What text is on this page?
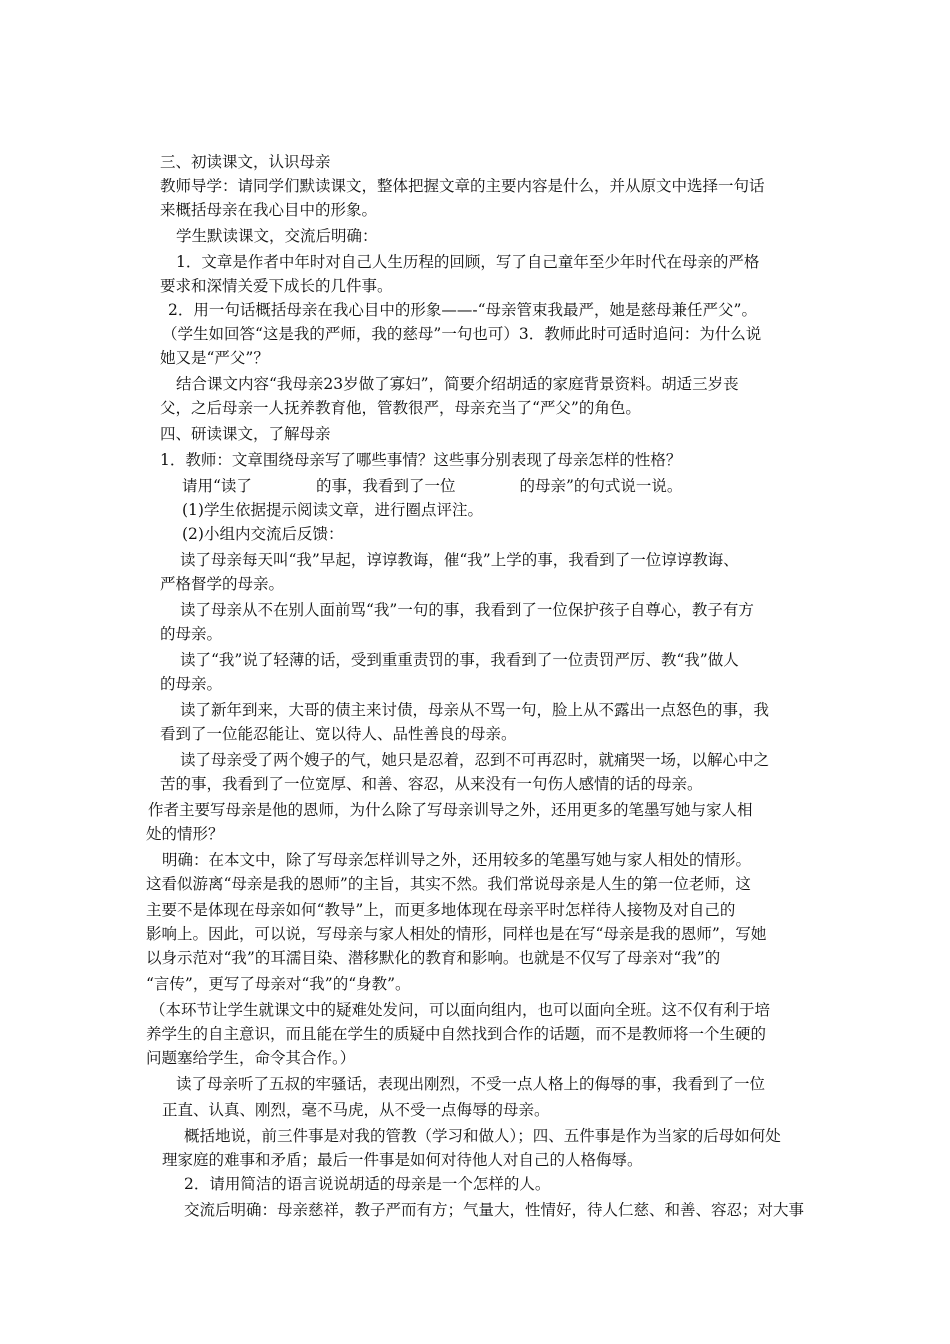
三、初读课文，认识母亲
教师导学：请同学们默读课文，整体把握文章的主要内容是什么，并从原文中选择一句话
来概括母亲在我心目中的形象。
学生默读课文，交流后明确：
1．文章是作者中年时对自己人生历程的回顾，写了自己童年至少年时代在母亲的严格
要求和深情关爱下成长的几件事。
2．用一句话概括母亲在我心目中的形象——-“母亲管束我最严，她是慈母兼任严父”。
（学生如回答“这是我的严师，我的慈母”一句也可）3．教师此时可适时追问：为什么说
她又是“严父”？
结合课文内容“我母亲23岁做了寡妇”，简要介绍胡适的家庭背景资料。胡适三岁丧
父，之后母亲一人抚养教育他，管教很严，母亲充当了“严父”的角色。
四、研读课文，了解母亲
1．教师：文章围绕母亲写了哪些事情？这些事分别表现了母亲怎样的性格？
请用“读了	的事，我看到了一位	的母亲”的句式说一说。
(1)学生依据提示阅读文章，进行圈点评注。
(2)小组内交流后反馈：
读了母亲每天叫“我”早起，谆谆教诲，催“我”上学的事，我看到了一位谆谆教诲、
严格督学的母亲。
读了母亲从不在别人面前骂“我”一句的事，我看到了一位保护孩子自尊心，教子有方
的母亲。
读了“我”说了轻薄的话，受到重重责罚的事，我看到了一位责罚严厉、教“我”做人
的母亲。
读了新年到来，大哥的债主来讨债，母亲从不骂一句，脸上从不露出一点怒色的事，我
看到了一位能忍能让、宽以待人、品性善良的母亲。
读了母亲受了两个嫂子的气，她只是忍着，忍到不可再忍时，就痛哭一场，以解心中之
苦的事，我看到了一位宽厚、和善、容忍，从来没有一句伤人感情的话的母亲。
作者主要写母亲是他的恩师，为什么除了写母亲训导之外，还用更多的笔墨写她与家人相
处的情形？
明确：在本文中，除了写母亲怎样训导之外，还用较多的笔墨写她与家人相处的情形。
这看似游离“母亲是我的恩师”的主旨，其实不然。我们常说母亲是人生的第一位老师，这
主要不是体现在母亲如何“教导”上，而更多地体现在母亲平时怎样待人接物及对自己的
影响上。因此，可以说，写母亲与家人相处的情形，同样也是在写“母亲是我的恩师”，写她
以身示范对“我”的耳濡目染、潜移默化的教育和影响。也就是不仅写了母亲对“我”的
“言传”，更写了母亲对“我”的“身教”。
（本环节让学生就课文中的疑难处发问，可以面向组内，也可以面向全班。这不仅有利于培
养学生的自主意识，而且能在学生的质疑中自然找到合作的话题，而不是教师将一个生硬的
问题塞给学生，命令其合作。）
读了母亲听了五叔的牢骚话，表现出刚烈，不受一点人格上的侮辱的事，我看到了一位
正直、认真、刚烈，毫不马虎，从不受一点侮辱的母亲。
概括地说，前三件事是对我的管教（学习和做人）；四、五件事是作为当家的后母如何处
理家庭的难事和矛盾；最后一件事是如何对待他人对自己的人格侮辱。
2．请用简洁的语言说说胡适的母亲是一个怎样的人。
交流后明确：母亲慈祥，教子严而有方；气量大，性情好，待人仁慈、和善、容忍；对大事
